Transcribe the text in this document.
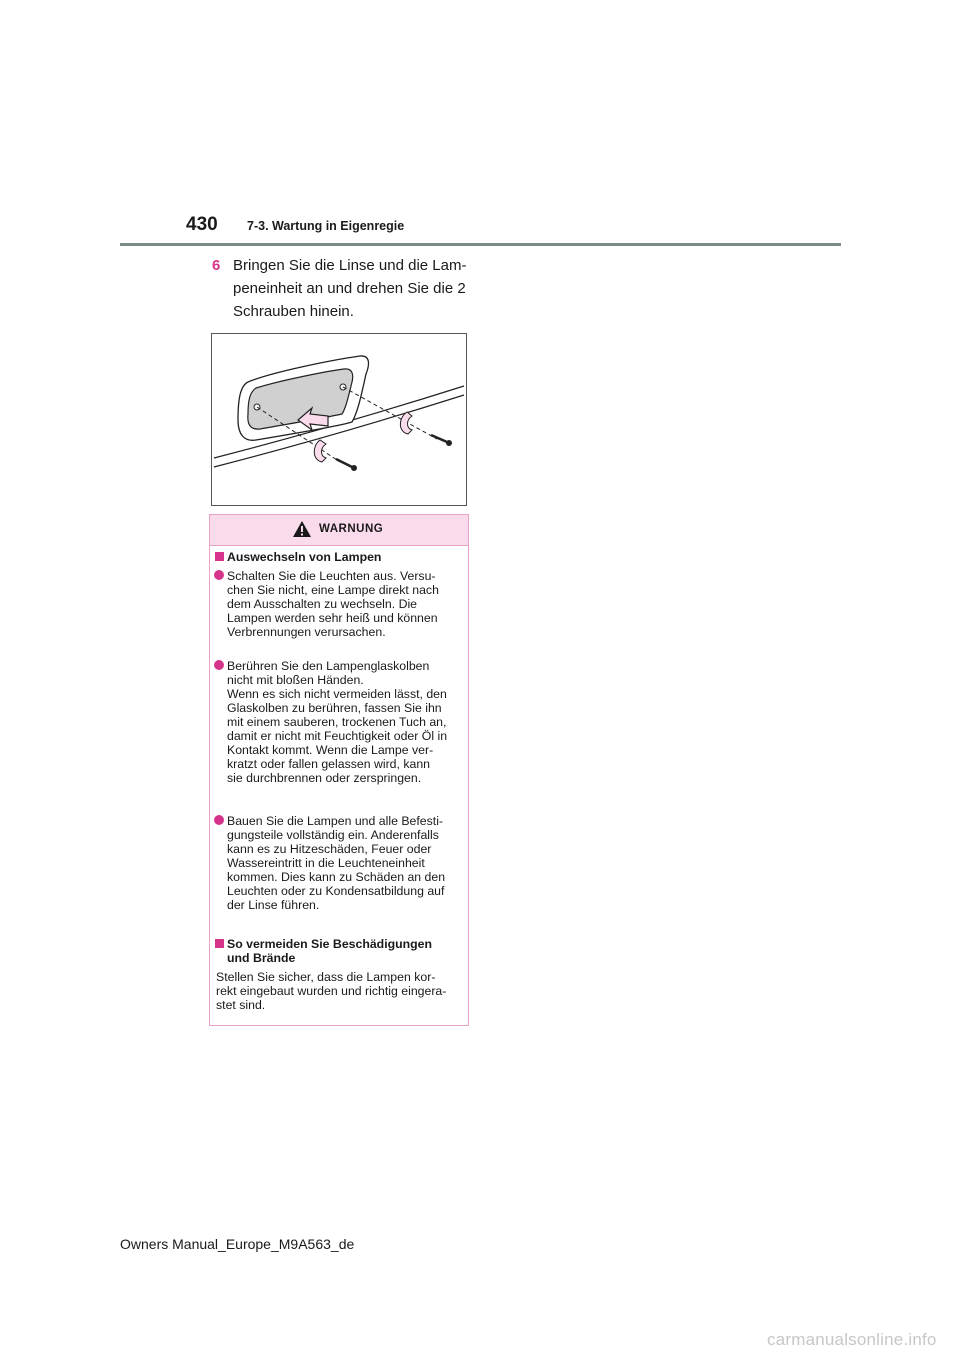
430 7-3. Wartung in Eigenregie
6 Bringen Sie die Linse und die Lam-
peneinheit an und drehen Sie die 2
Schrauben hinein.
WARNUNG
Auswechseln von Lampen
Schalten Sie die Leuchten aus. Versu-
chen Sie nicht, eine Lampe direkt nach
dem Ausschalten zu wechseln. Die
Lampen werden sehr heiß und können
Verbrennungen verursachen.
Berühren Sie den Lampenglaskolben
nicht mit bloßen Händen.
Wenn es sich nicht vermeiden lässt, den
Glaskolben zu berühren, fassen Sie ihn
mit einem sauberen, trockenen Tuch an,
damit er nicht mit Feuchtigkeit oder Öl in
Kontakt kommt. Wenn die Lampe ver-
kratzt oder fallen gelassen wird, kann
sie durchbrennen oder zerspringen.
Bauen Sie die Lampen und alle Befesti-
gungsteile vollständig ein. Anderenfalls
kann es zu Hitzeschäden, Feuer oder
Wassereintritt in die Leuchteneinheit
kommen. Dies kann zu Schäden an den
Leuchten oder zu Kondensatbildung auf
der Linse führen.
So vermeiden Sie Beschädigungen
und Brände
Stellen Sie sicher, dass die Lampen kor-
rekt eingebaut wurden und richtig eingera-
stet sind.
Owners Manual_Europe_M9A563_de
carmanualsonline.info
